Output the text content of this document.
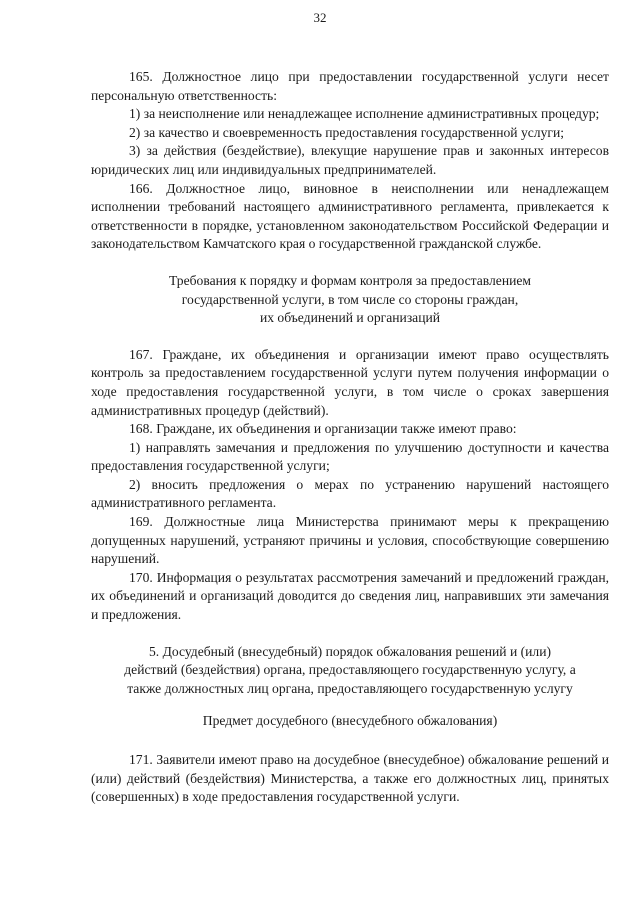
32

165. Должностное лицо при предоставлении государственной услуги несет персональную ответственность:

1) за неисполнение или ненадлежащее исполнение административных процедур;

2) за качество и своевременность предоставления государственной услуги;

3) за действия (бездействие), влекущие нарушение прав и законных интересов юридических лиц или индивидуальных предпринимателей.

166. Должностное лицо, виновное в неисполнении или ненадлежащем исполнении требований настоящего административного регламента, привлекается к ответственности в порядке, установленном законодательством Российской Федерации и законодательством Камчатского края о государственной гражданской службе.

Требования к порядку и формам контроля за предоставлением
государственной услуги, в том числе со стороны граждан,
их объединений и организаций

167. Граждане, их объединения и организации имеют право осуществлять контроль за предоставлением государственной услуги путем получения информации о ходе предоставления государственной услуги, в том числе о сроках завершения административных процедур (действий).

168. Граждане, их объединения и организации также имеют право:

1) направлять замечания и предложения по улучшению доступности и качества предоставления государственной услуги;

2) вносить предложения о мерах по устранению нарушений настоящего административного регламента.

169. Должностные лица Министерства принимают меры к прекращению допущенных нарушений, устраняют причины и условия, способствующие совершению нарушений.

170. Информация о результатах рассмотрения замечаний и предложений граждан, их объединений и организаций доводится до сведения лиц, направивших эти замечания и предложения.

5. Досудебный (внесудебный) порядок обжалования решений и (или)
действий (бездействия) органа, предоставляющего государственную услугу, а
также должностных лиц органа, предоставляющего государственную услугу
Предмет досудебного (внесудебного обжалования)

171. Заявители имеют право на досудебное (внесудебное) обжалование решений и (или) действий (бездействия) Министерства, а также его должностных лиц, принятых (совершенных) в ходе предоставления государственной услуги.
